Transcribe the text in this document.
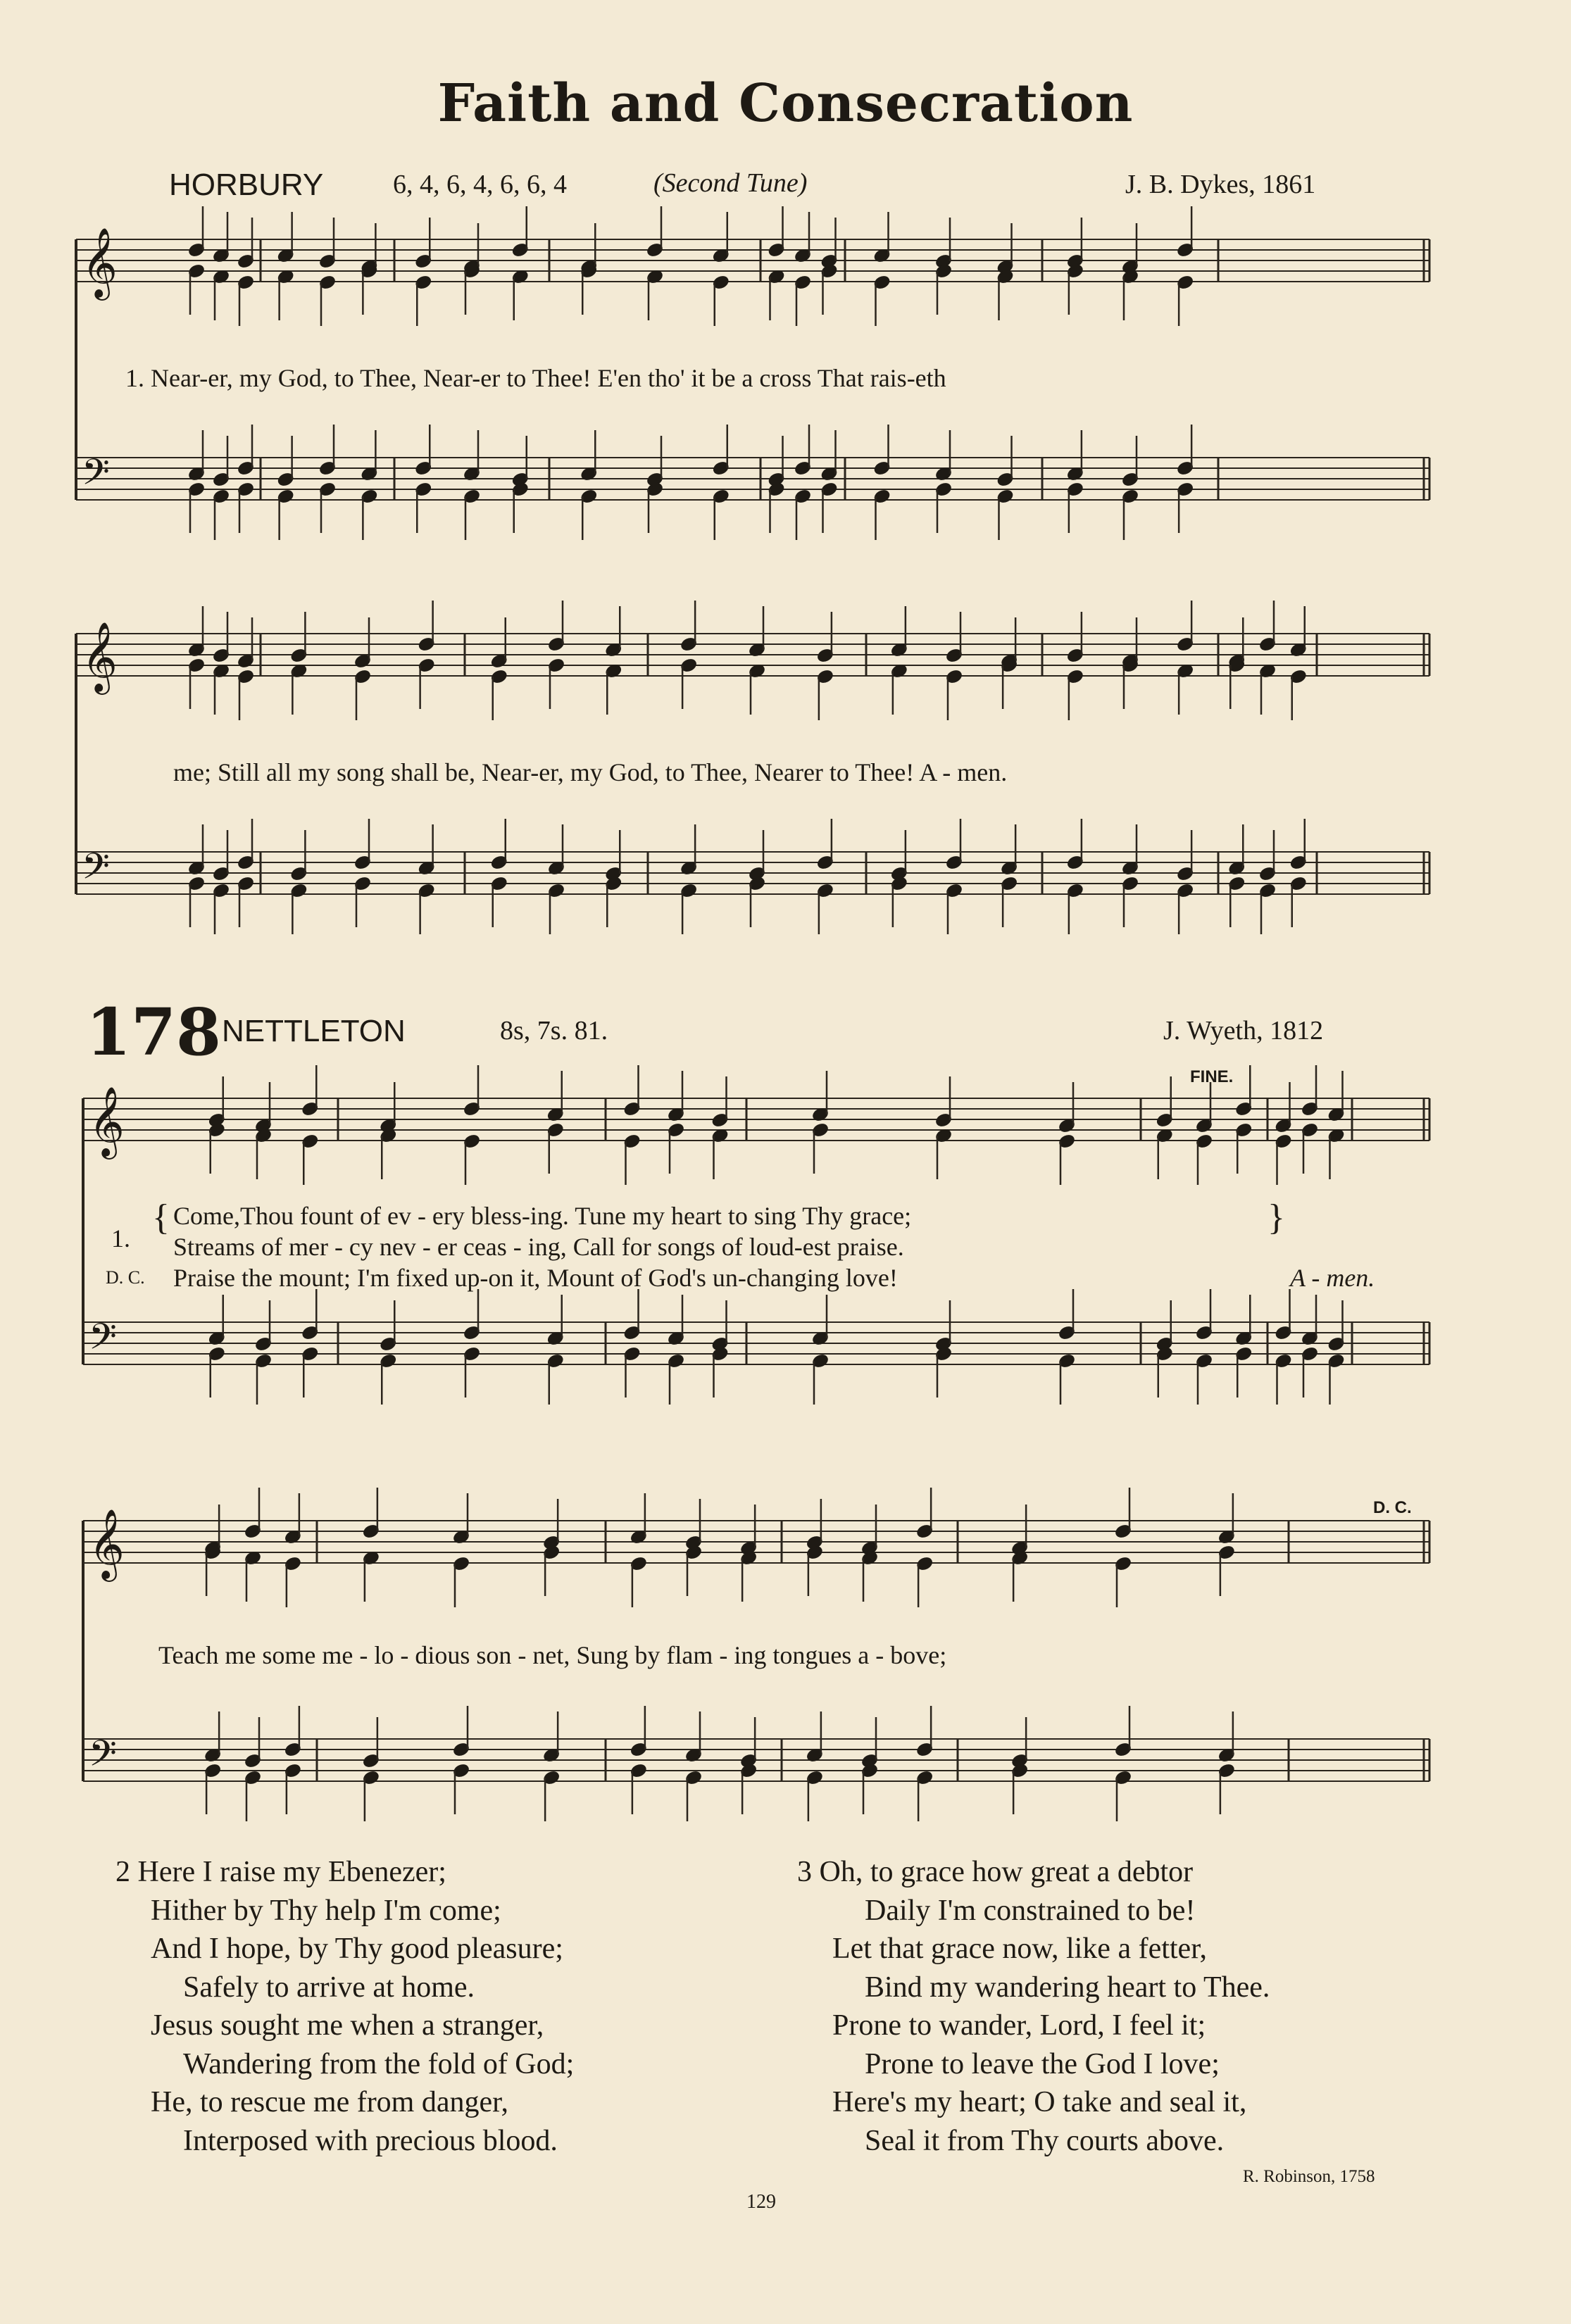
Faith and Consecration
HORBURY	6, 4, 6, 4, 6, 6, 4	(Second Tune)	J. B. Dykes, 1861
𝄞
𝄢
𝄞
𝄢
𝄞
𝄢
𝄞
𝄢
1. Near-er, my God, to Thee, Near-er to Thee! E'en tho' it be a cross That rais-eth
me; Still all my song shall be, Near-er, my God, to Thee, Nearer to Thee! A - men.
178 NETTLETON	8s, 7s. 81.	J. Wyeth, 1812
FINE.
1.
{ Come,Thou fount of ev - ery bless-ing. Tune my heart to sing Thy grace;
Streams of mer - cy nev - er ceas - ing, Call for songs of loud-est praise.
}
D. C. Praise the mount; I'm fixed up-on it, Mount of God's un-changing love!	A - men.
D. C.
Teach me some me - lo - dious son - net, Sung by flam - ing tongues a - bove;
2 Here I raise my Ebenezer;
Hither by Thy help I'm come;
And I hope, by Thy good pleasure;
Safely to arrive at home.
Jesus sought me when a stranger,
Wandering from the fold of God;
He, to rescue me from danger,
Interposed with precious blood.
3 Oh, to grace how great a debtor
Daily I'm constrained to be!
Let that grace now, like a fetter,
Bind my wandering heart to Thee.
Prone to wander, Lord, I feel it;
Prone to leave the God I love;
Here's my heart; O take and seal it,
Seal it from Thy courts above.
R. Robinson, 1758
129
